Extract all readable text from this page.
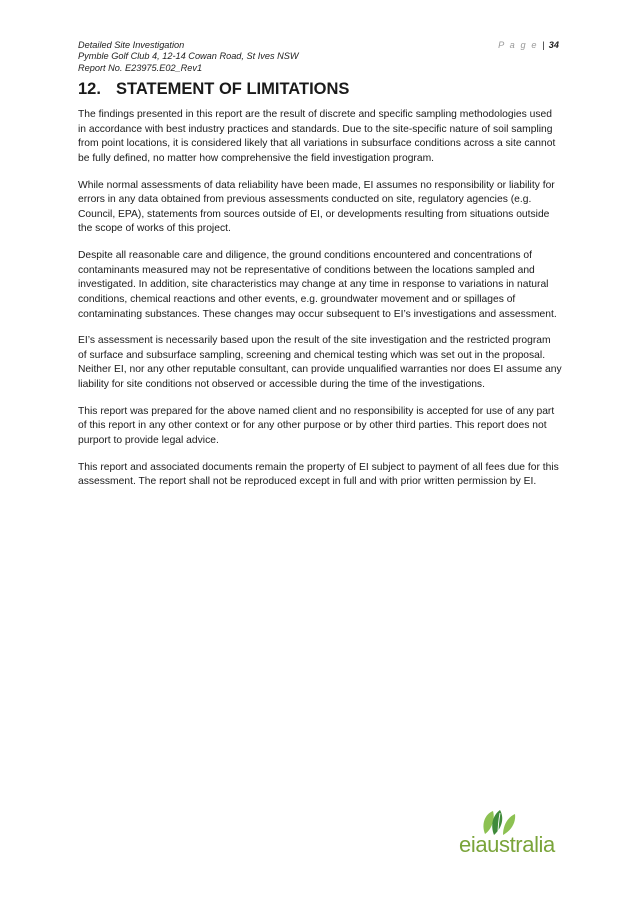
Detailed Site Investigation
Pymble Golf Club 4, 12-14 Cowan Road, St Ives NSW
Report No. E23975.E02_Rev1
P a g e | 34
12. STATEMENT OF LIMITATIONS

The findings presented in this report are the result of discrete and specific sampling methodologies used in accordance with best industry practices and standards. Due to the site-specific nature of soil sampling from point locations, it is considered likely that all variations in subsurface conditions across a site cannot be fully defined, no matter how comprehensive the field investigation program.

While normal assessments of data reliability have been made, EI assumes no responsibility or liability for errors in any data obtained from previous assessments conducted on site, regulatory agencies (e.g. Council, EPA), statements from sources outside of EI, or developments resulting from situations outside the scope of works of this project.

Despite all reasonable care and diligence, the ground conditions encountered and concentrations of contaminants measured may not be representative of conditions between the locations sampled and investigated. In addition, site characteristics may change at any time in response to variations in natural conditions, chemical reactions and other events, e.g. groundwater movement and or spillages of contaminating substances. These changes may occur subsequent to EI’s investigations and assessment.

EI’s assessment is necessarily based upon the result of the site investigation and the restricted program of surface and subsurface sampling, screening and chemical testing which was set out in the proposal. Neither EI, nor any other reputable consultant, can provide unqualified warranties nor does EI assume any liability for site conditions not observed or accessible during the time of the investigations.

This report was prepared for the above named client and no responsibility is accepted for use of any part of this report in any other context or for any other purpose or by other third parties. This report does not purport to provide legal advice.

This report and associated documents remain the property of EI subject to payment of all fees due for this assessment. The report shall not be reproduced except in full and with prior written permission by EI.

eiaustralia
